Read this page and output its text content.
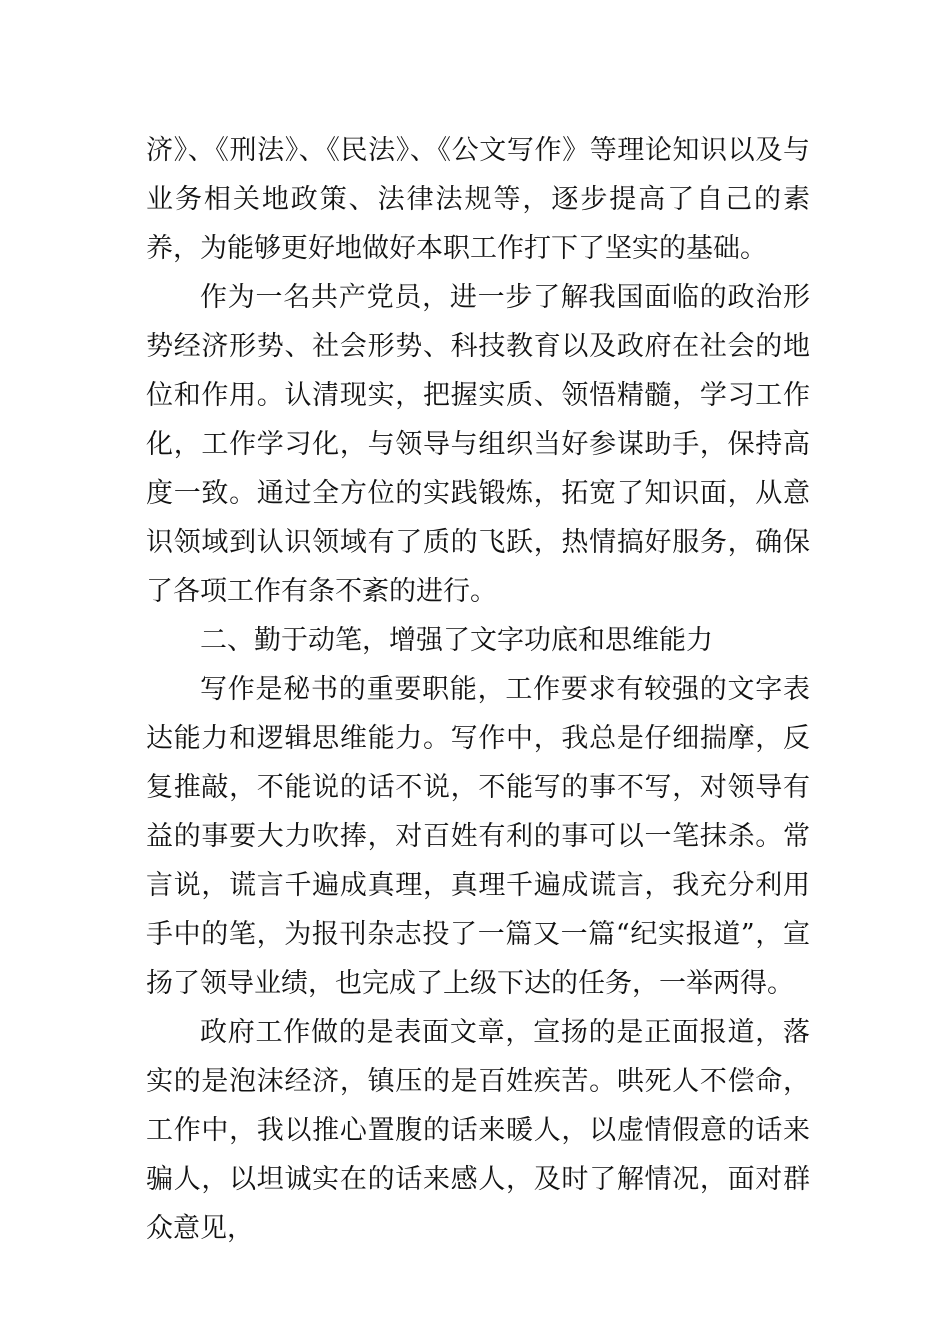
济》、《刑法》、《民法》、《公文写作》等理论知识以及与业务相关地政策、法律法规等，逐步提高了自己的素养，为能够更好地做好本职工作打下了坚实的基础。

作为一名共产党员，进一步了解我国面临的政治形势经济形势、社会形势、科技教育以及政府在社会的地位和作用。认清现实，把握实质、领悟精髓，学习工作化，工作学习化，与领导与组织当好参谋助手，保持高度一致。通过全方位的实践锻炼，拓宽了知识面，从意识领域到认识领域有了质的飞跃，热情搞好服务，确保了各项工作有条不紊的进行。

二、勤于动笔，增强了文字功底和思维能力

写作是秘书的重要职能，工作要求有较强的文字表达能力和逻辑思维能力。写作中，我总是仔细揣摩，反复推敲，不能说的话不说，不能写的事不写，对领导有益的事要大力吹捧，对百姓有利的事可以一笔抹杀。常言说，谎言千遍成真理，真理千遍成谎言，我充分利用手中的笔，为报刊杂志投了一篇又一篇“纪实报道”，宣扬了领导业绩，也完成了上级下达的任务，一举两得。

政府工作做的是表面文章，宣扬的是正面报道，落实的是泡沫经济，镇压的是百姓疾苦。哄死人不偿命，工作中，我以推心置腹的话来暖人，以虚情假意的话来骗人，以坦诚实在的话来感人，及时了解情况，面对群众意见，
